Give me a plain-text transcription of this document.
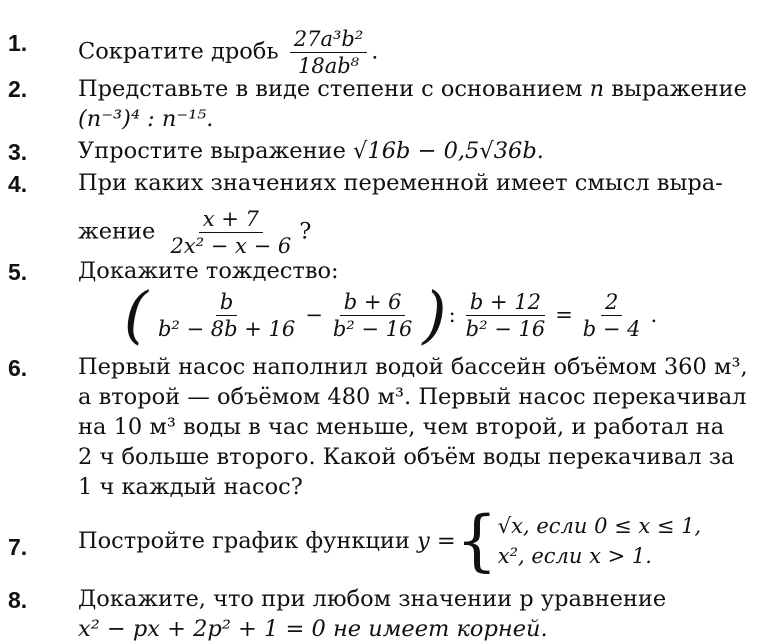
1. Сократите дробь $\frac{\text{27a³b²}}{\text{18ab⁸}}$ .
2. Представьте в виде степени с основанием n выражение
(n⁻³)⁴ : n⁻¹⁵.
3. Упростите выражение √16b − 0,5√36b.
4. При каких значениях переменной имеет смысл выра-

жение $\frac{x + 7}{\text{2x² − x − 6}}$ ?
5. Докажите тождество:
( $\frac{b}{\text{b² − 8b + 16}} - \frac{b + 6}{\text{b² − 16}}$ ) : $\frac{b + 12}{\text{b² − 16}} = \frac{2}{b - 4}$ .
6. Первый насос наполнил водой бассейн объёмом 360 м³,
а второй — объёмом 480 м³. Первый насос перекачивал
на 10 м³ воды в час меньше, чем второй, и работал на
2 ч больше второго. Какой объём воды перекачивал за
1 ч каждый насос?
7. Постройте график функции
y = { √x, если 0 ≤ x ≤ 1,
x², если x > 1.
8. Докажите, что при любом значении p уравнение
x² − px + 2p² + 1 = 0 не имеет корней.
